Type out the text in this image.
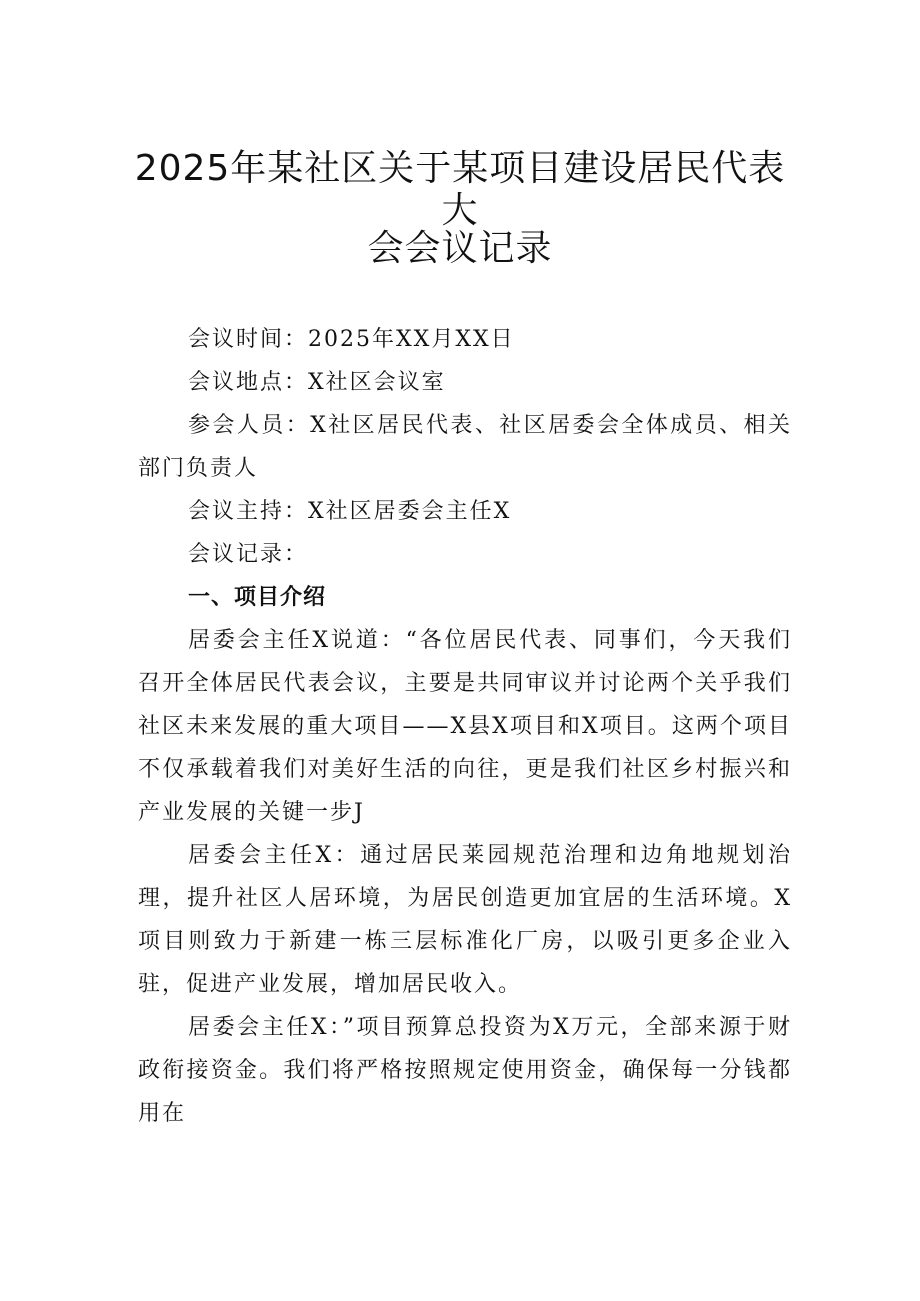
2025年某社区关于某项目建设居民代表大
会会议记录

会议时间：2025年XX月XX日

会议地点：X社区会议室

参会人员：X社区居民代表、社区居委会全体成员、相关部门负责人

会议主持：X社区居委会主任X

会议记录：

一、项目介绍

居委会主任X说道：“各位居民代表、同事们，今天我们召开全体居民代表会议，主要是共同审议并讨论两个关乎我们社区未来发展的重大项目——X县X项目和X项目。这两个项目不仅承载着我们对美好生活的向往，更是我们社区乡村振兴和产业发展的关键一步J

居委会主任X：通过居民莱园规范治理和边角地规划治理，提升社区人居环境，为居民创造更加宜居的生活环境。X项目则致力于新建一栋三层标准化厂房，以吸引更多企业入驻，促进产业发展，增加居民收入。

居委会主任X：”项目预算总投资为X万元，全部来源于财政衔接资金。我们将严格按照规定使用资金，确保每一分钱都用在
